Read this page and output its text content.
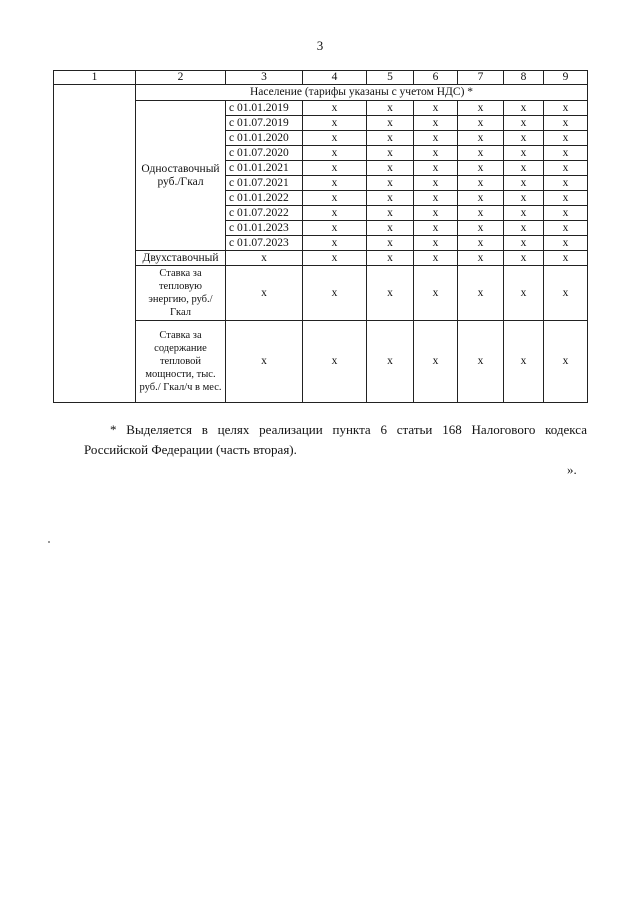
3
1	2	3	4	5	6	7	8	9
	Население (тарифы указаны с учетом НДС) *							
	Одноставочный руб./Гкал	с 01.01.2019	x	x	x	x	x	x
		с 01.07.2019	x	x	x	x	x	x
		с 01.01.2020	x	x	x	x	x	x
		с 01.07.2020	x	x	x	x	x	x
		с 01.01.2021	x	x	x	x	x	x
		с 01.07.2021	x	x	x	x	x	x
		с 01.01.2022	x	x	x	x	x	x
		с 01.07.2022	x	x	x	x	x	x
		с 01.01.2023	x	x	x	x	x	x
		с 01.07.2023	x	x	x	x	x	x
	Двухставочный	x	x	x	x	x	x	x
	Ставка за тепловую энергию, руб./Гкал	x	x	x	x	x	x	x
	Ставка за содержание тепловой мощности, тыс. руб./ Гкал/ч в мес.	x	x	x	x	x	x	x

* Выделяется в целях реализации пункта 6 статьи 168 Налогового кодекса Российской Федерации (часть вторая).

».
